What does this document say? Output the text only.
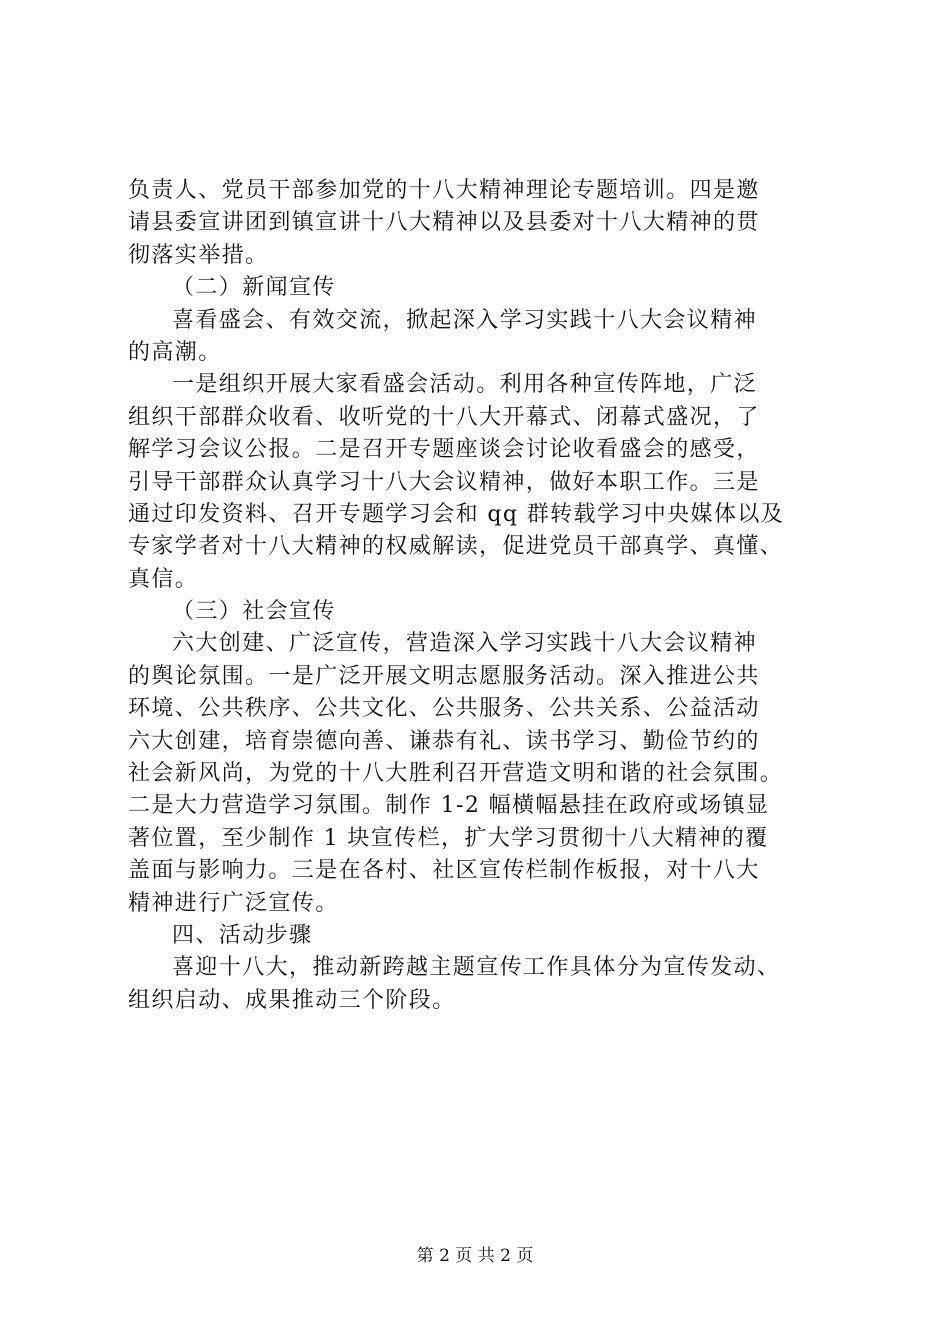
负责人、党员干部参加党的十八大精神理论专题培训。四是邀
请县委宣讲团到镇宣讲十八大精神以及县委对十八大精神的贯
彻落实举措。
（二）新闻宣传
喜看盛会、有效交流，掀起深入学习实践十八大会议精神
的高潮。
一是组织开展大家看盛会活动。利用各种宣传阵地，广泛
组织干部群众收看、收听党的十八大开幕式、闭幕式盛况，了
解学习会议公报。二是召开专题座谈会讨论收看盛会的感受，
引导干部群众认真学习十八大会议精神，做好本职工作。三是
通过印发资料、召开专题学习会和 qq 群转载学习中央媒体以及
专家学者对十八大精神的权威解读，促进党员干部真学、真懂、
真信。
（三）社会宣传
六大创建、广泛宣传，营造深入学习实践十八大会议精神
的舆论氛围。一是广泛开展文明志愿服务活动。深入推进公共
环境、公共秩序、公共文化、公共服务、公共关系、公益活动
六大创建，培育崇德向善、谦恭有礼、读书学习、勤俭节约的
社会新风尚，为党的十八大胜利召开营造文明和谐的社会氛围。
二是大力营造学习氛围。制作 1-2 幅横幅悬挂在政府或场镇显
著位置，至少制作 1 块宣传栏，扩大学习贯彻十八大精神的覆
盖面与影响力。三是在各村、社区宣传栏制作板报，对十八大
精神进行广泛宣传。
四、活动步骤
喜迎十八大，推动新跨越主题宣传工作具体分为宣传发动、
组织启动、成果推动三个阶段。
第 2 页 共 2 页
